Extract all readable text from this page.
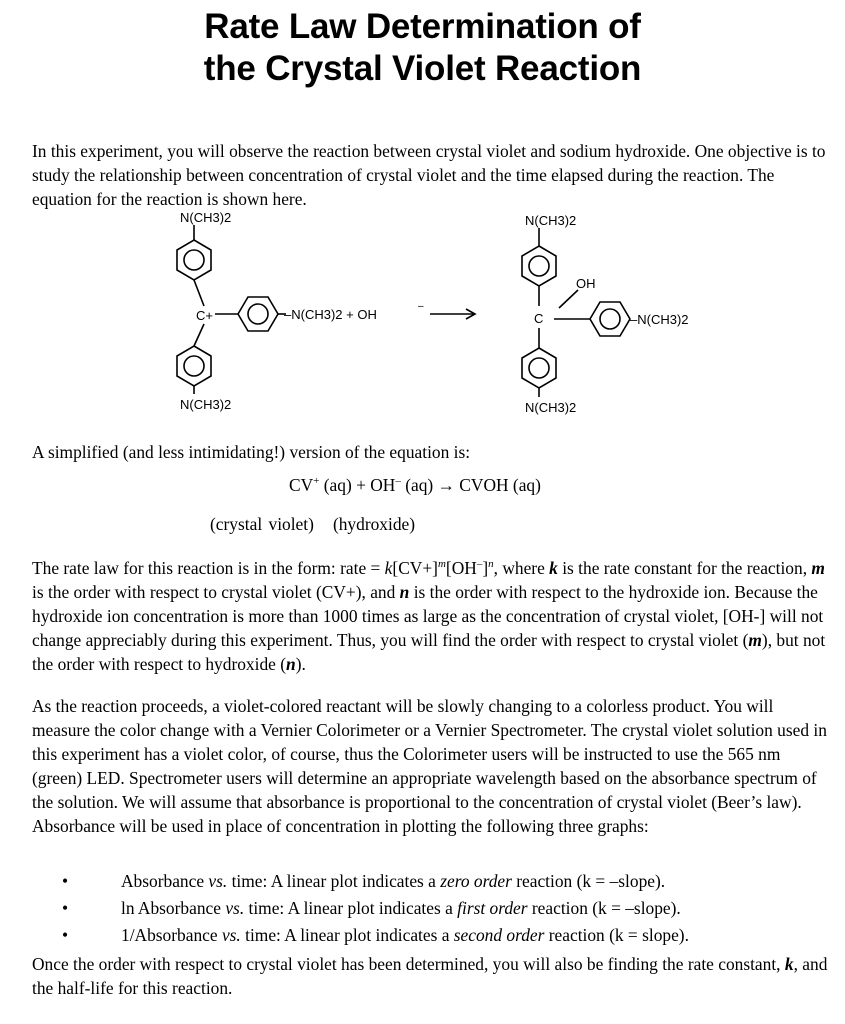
Rate Law Determination of
the Crystal Violet Reaction
In this experiment, you will observe the reaction between crystal violet and sodium hydroxide. One objective is to study the relationship between concentration of crystal violet and the time elapsed during the reaction. The equation for the reaction is shown here.
N(CH3)2
C+	–N(CH3)2 + OH
–
N(CH3)2
N(CH3)2
OH
C	–N(CH3)2
N(CH3)2
A simplified (and less intimidating!) version of the equation is:
CV+ (aq) + OH– (aq) → CVOH (aq)
(crystal violet) (hydroxide)
The rate law for this reaction is in the form: rate = $k[CV+]^m[OH^-]^n$, where k is the rate constant for the reaction, m is the order with respect to crystal violet (CV+), and n is the order with respect to the hydroxide ion. Because the hydroxide ion concentration is more than 1000 times as large as the concentration of crystal violet, [OH-] will not change appreciably during this experiment. Thus, you will find the order with respect to crystal violet (m), but not the order with respect to hydroxide (n).
As the reaction proceeds, a violet-colored reactant will be slowly changing to a colorless product. You will measure the color change with a Vernier Colorimeter or a Vernier Spectrometer. The crystal violet solution used in this experiment has a violet color, of course, thus the Colorimeter users will be instructed to use the 565 nm (green) LED. Spectrometer users will determine an appropriate wavelength based on the absorbance spectrum of the solution. We will assume that absorbance is proportional to the concentration of crystal violet (Beer’s law). Absorbance will be used in place of concentration in plotting the following three graphs:
•	Absorbance vs. time: A linear plot indicates a zero order reaction (k = –slope).
•	ln Absorbance vs. time: A linear plot indicates a first order reaction (k = –slope).
•	1/Absorbance vs. time: A linear plot indicates a second order reaction (k = slope).
Once the order with respect to crystal violet has been determined, you will also be finding the rate constant, k, and the half-life for this reaction.
